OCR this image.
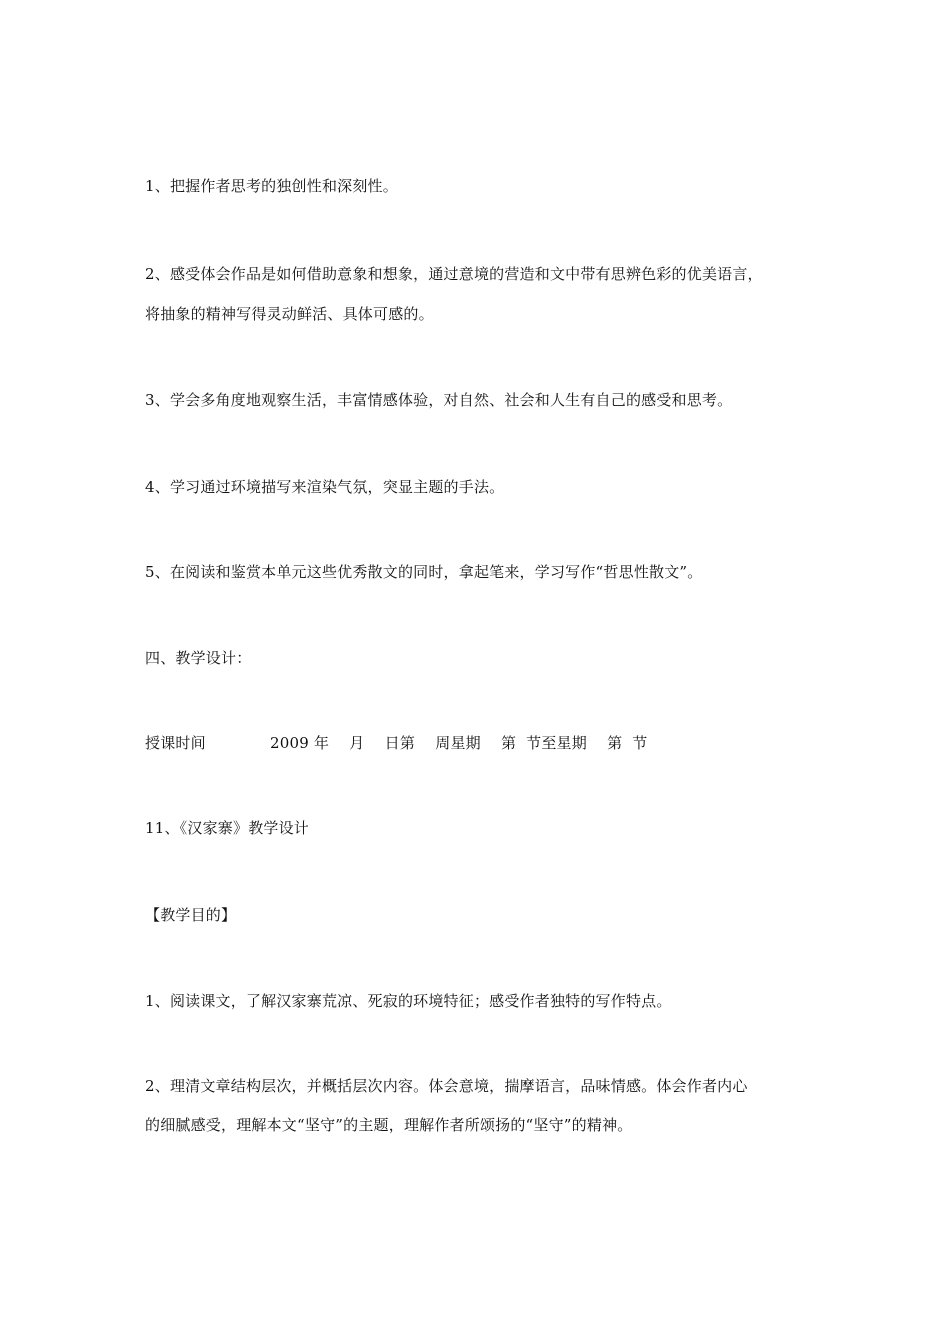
1、把握作者思考的独创性和深刻性。
2、感受体会作品是如何借助意象和想象，通过意境的营造和文中带有思辨色彩的优美语言，
将抽象的精神写得灵动鲜活、具体可感的。
3、学会多角度地观察生活，丰富情感体验，对自然、社会和人生有自己的感受和思考。
4、学习通过环境描写来渲染气氛，突显主题的手法。
5、在阅读和鉴赏本单元这些优秀散文的同时，拿起笔来，学习写作“哲思性散文”。
四、教学设计：
授课时间	2009 年　 月　 日第　 周星期　 第  节至星期　 第  节
11、《汉家寨》教学设计
【教学目的】
1、阅读课文，了解汉家寨荒凉、死寂的环境特征；感受作者独特的写作特点。
2、理清文章结构层次，并概括层次内容。体会意境，揣摩语言，品味情感。体会作者内心
的细腻感受，理解本文“坚守”的主题，理解作者所颂扬的“坚守”的精神。
